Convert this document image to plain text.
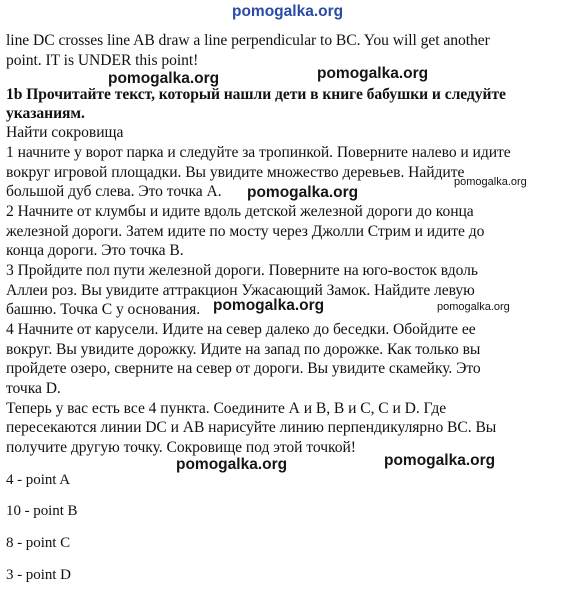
pomogalka.org
line DC crosses line AB draw a line perpendicular to BC. You will get another
point. IT is UNDER this point!
pomogalka.org	pomogalka.org
1b Прочитайте текст, который нашли дети в книге бабушки и следуйте
указаниям.
Найти сокровища
1 начните у ворот парка и следуйте за тропинкой. Поверните налево и идите
вокруг игровой площадки. Вы увидите множество деревьев. Найдите
большой дуб слева. Это точка А. pomogalka.org
pomogalka.org
2 Начните от клумбы и идите вдоль детской железной дороги до конца
железной дороги. Затем идите по мосту через Джолли Стрим и идите до
конца дороги. Это точка В.
3 Пройдите пол пути железной дороги. Поверните на юго-восток вдоль
Аллеи роз. Вы увидите аттракцион Ужасающий Замок. Найдите левую
башню. Точка С у основания. pomogalka.org	pomogalka.org
4 Начните от карусели. Идите на север далеко до беседки. Обойдите ее
вокруг. Вы увидите дорожку. Идите на запад по дорожке. Как только вы
пройдете озеро, сверните на север от дороги. Вы увидите скамейку. Это
точка D.
Теперь у вас есть все 4 пункта. Соедините А и В, В и С, С и D. Где
пересекаются линии DC и АВ нарисуйте линию перпендикулярно ВС. Вы
получите другую точку. Сокровище под этой точкой!
pomogalka.org	pomogalka.org
4 - point A
10 - point B
8 - point C
3 - point D
